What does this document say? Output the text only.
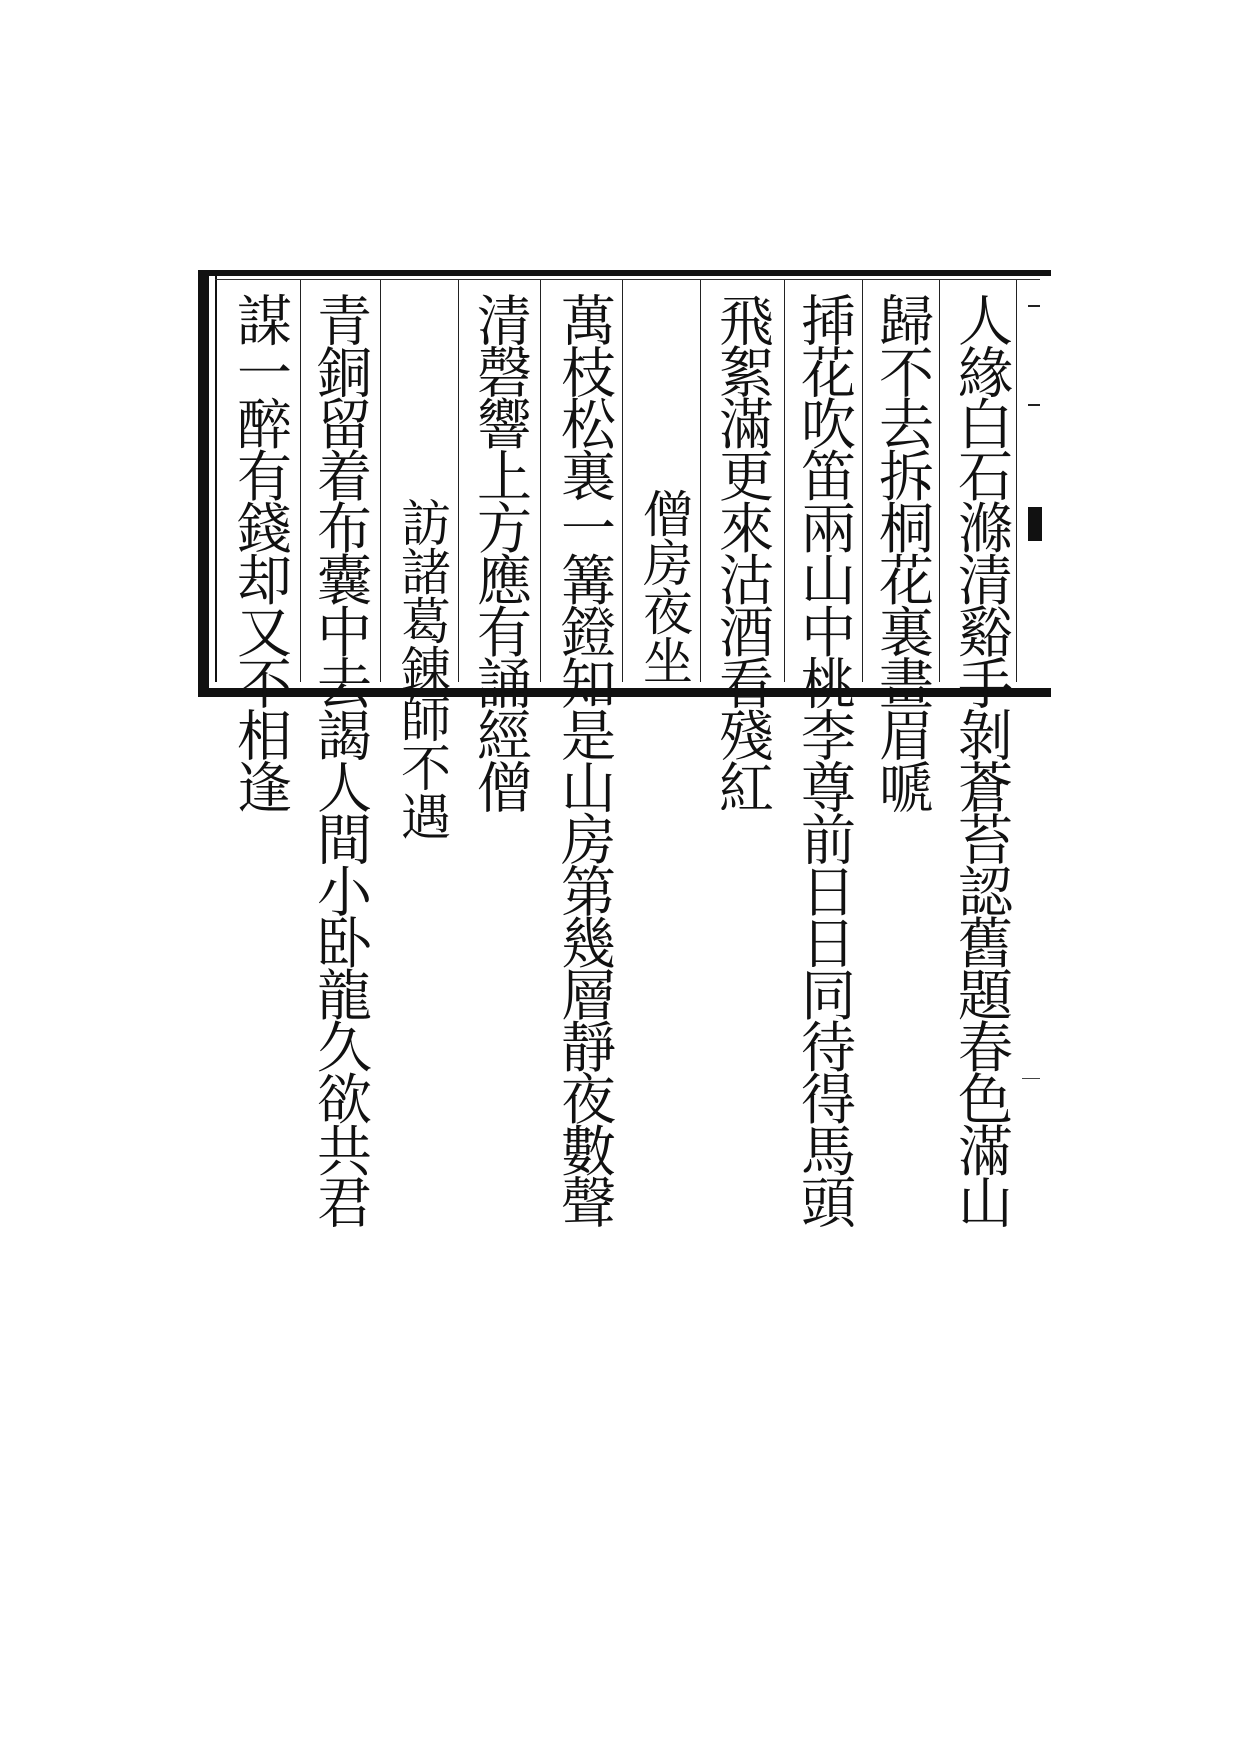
人緣白石滌清谿手剝蒼苔認舊題春色滿山
歸不去拆桐花裏畫眉嗁
揷花吹笛兩山中桃李尊前日日同待得馬頭
飛絮滿更來沽酒看殘紅
僧房夜坐
萬枝松裏一篝鐙知是山房第幾層靜夜數聲
清磬響上方應有誦經僧
訪諸葛錬師不遇
青銅留着布囊中去謁人間小卧龍久欲共君
謀一醉有錢却又不相逢
